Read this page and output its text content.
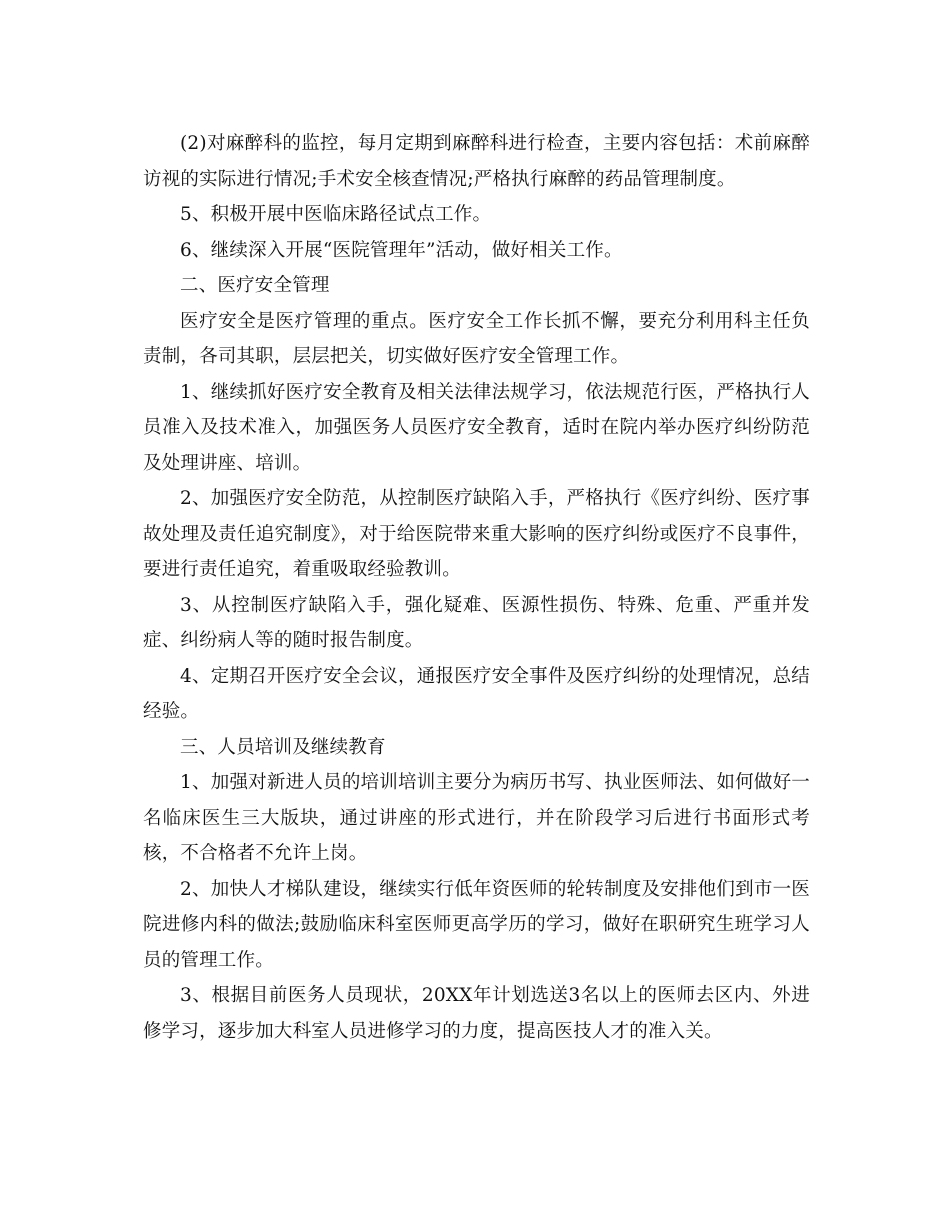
(2)对麻醉科的监控，每月定期到麻醉科进行检查，主要内容包括：术前麻醉访视的实际进行情况;手术安全核查情况;严格执行麻醉的药品管理制度。

5、积极开展中医临床路径试点工作。

6、继续深入开展“医院管理年”活动，做好相关工作。

二、医疗安全管理

医疗安全是医疗管理的重点。医疗安全工作长抓不懈，要充分利用科主任负责制，各司其职，层层把关，切实做好医疗安全管理工作。

1、继续抓好医疗安全教育及相关法律法规学习，依法规范行医，严格执行人员准入及技术准入，加强医务人员医疗安全教育，适时在院内举办医疗纠纷防范及处理讲座、培训。

2、加强医疗安全防范，从控制医疗缺陷入手，严格执行《医疗纠纷、医疗事故处理及责任追究制度》，对于给医院带来重大影响的医疗纠纷或医疗不良事件，要进行责任追究，着重吸取经验教训。

3、从控制医疗缺陷入手，强化疑难、医源性损伤、特殊、危重、严重并发症、纠纷病人等的随时报告制度。

4、定期召开医疗安全会议，通报医疗安全事件及医疗纠纷的处理情况，总结经验。

三、人员培训及继续教育

1、加强对新进人员的培训培训主要分为病历书写、执业医师法、如何做好一名临床医生三大版块，通过讲座的形式进行，并在阶段学习后进行书面形式考核，不合格者不允许上岗。

2、加快人才梯队建设，继续实行低年资医师的轮转制度及安排他们到市一医院进修内科的做法;鼓励临床科室医师更高学历的学习，做好在职研究生班学习人员的管理工作。

3、根据目前医务人员现状，20XX年计划选送3名以上的医师去区内、外进修学习，逐步加大科室人员进修学习的力度，提高医技人才的准入关。
